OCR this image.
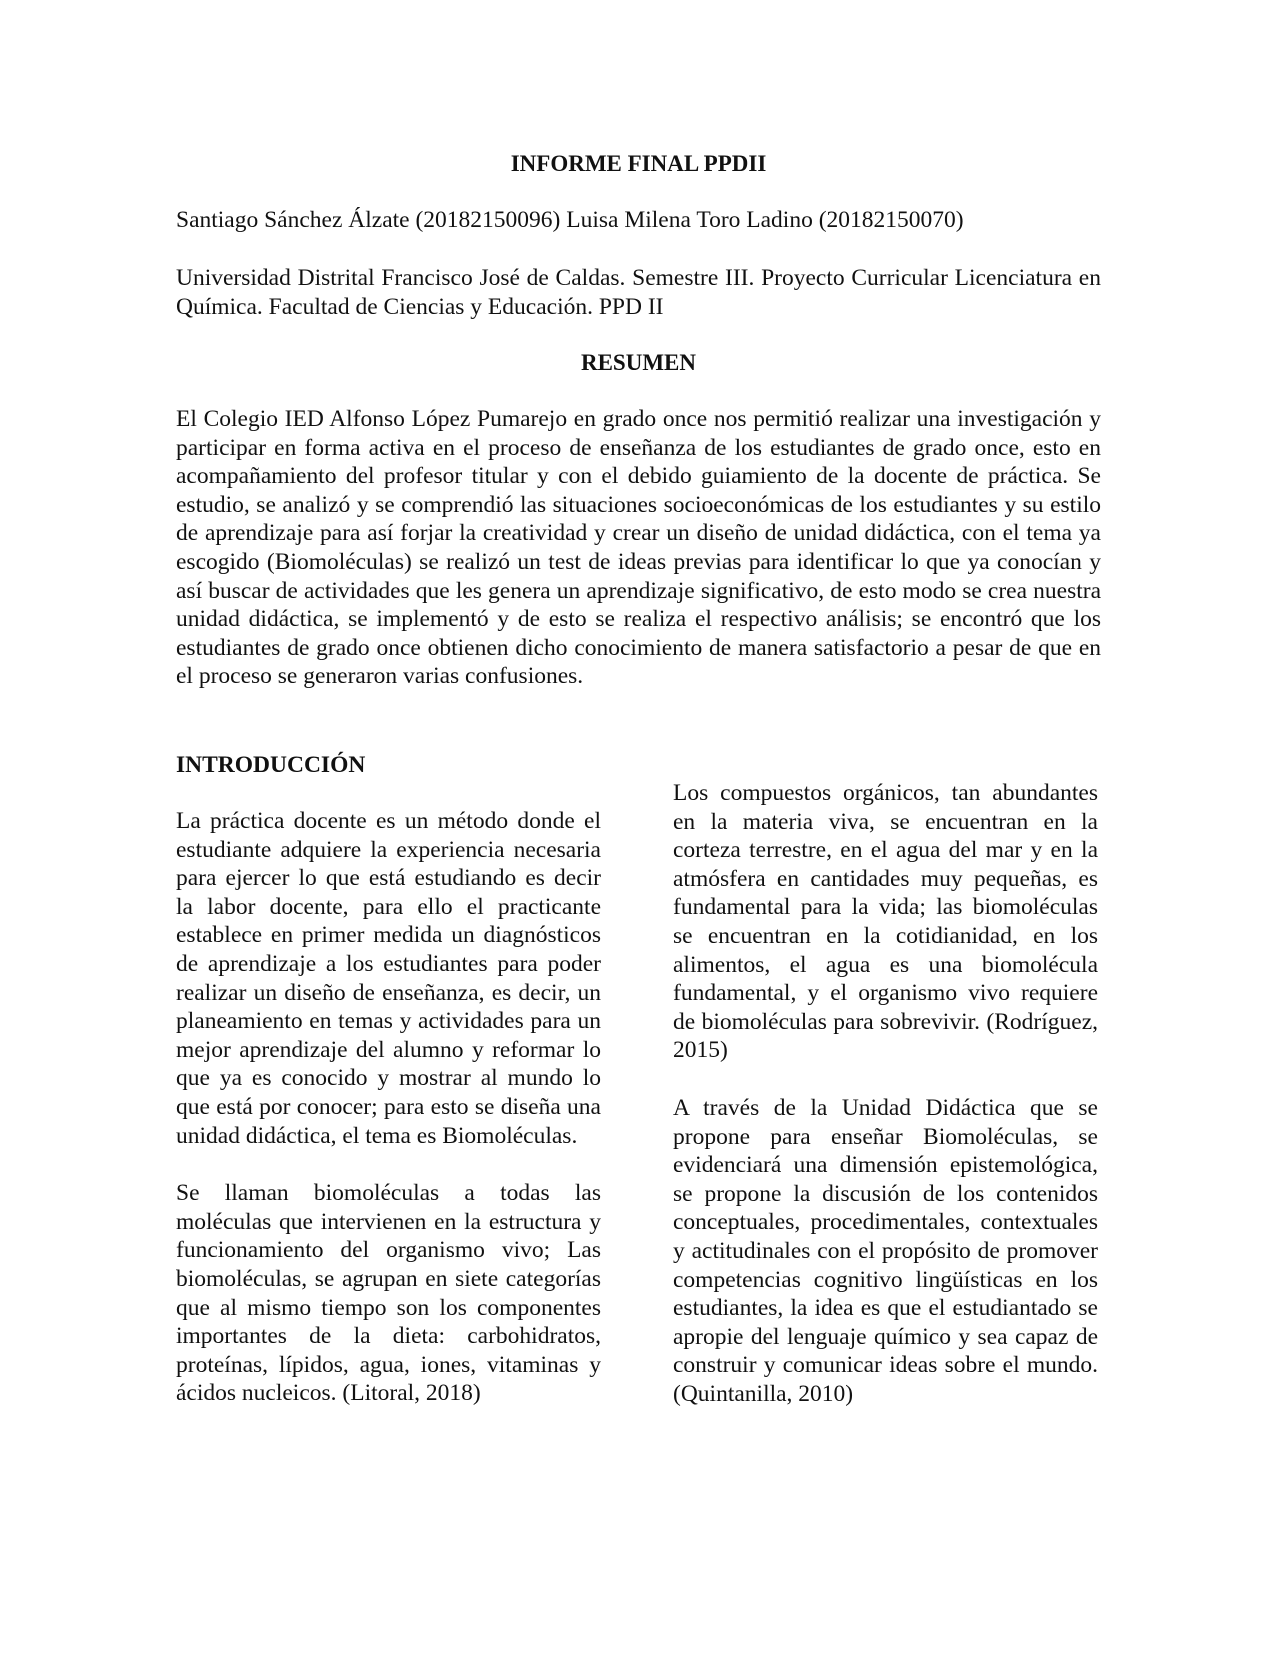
INFORME FINAL PPDII

Santiago Sánchez Álzate (20182150096) Luisa Milena Toro Ladino (20182150070)

Universidad Distrital Francisco José de Caldas. Semestre III. Proyecto Curricular Licenciatura en Química. Facultad de Ciencias y Educación. PPD II

RESUMEN

El Colegio IED Alfonso López Pumarejo en grado once nos permitió realizar una investigación y participar en forma activa en el proceso de enseñanza de los estudiantes de grado once, esto en acompañamiento del profesor titular y con el debido guiamiento de la docente de práctica. Se estudio, se analizó y se comprendió las situaciones socioeconómicas de los estudiantes y su estilo de aprendizaje para así forjar la creatividad y crear un diseño de unidad didáctica, con el tema ya escogido (Biomoléculas) se realizó un test de ideas previas para identificar lo que ya conocían y así buscar de actividades que les genera un aprendizaje significativo, de esto modo se crea nuestra unidad didáctica, se implementó y de esto se realiza el respectivo análisis; se encontró que los estudiantes de grado once obtienen dicho conocimiento de manera satisfactorio a pesar de que en el proceso se generaron varias confusiones.

INTRODUCCIÓN

La práctica docente es un método donde el estudiante adquiere la experiencia necesaria para ejercer lo que está estudiando es decir la labor docente, para ello el practicante establece en primer medida un diagnósticos de aprendizaje a los estudiantes para poder realizar un diseño de enseñanza, es decir, un planeamiento en temas y actividades para un mejor aprendizaje del alumno y reformar lo que ya es conocido y mostrar al mundo lo que está por conocer; para esto se diseña una unidad didáctica, el tema es Biomoléculas.

Se llaman biomoléculas a todas las moléculas que intervienen en la estructura y funcionamiento del organismo vivo; Las biomoléculas, se agrupan en siete categorías que al mismo tiempo son los componentes importantes de la dieta: carbohidratos, proteínas, lípidos, agua, iones, vitaminas y ácidos nucleicos. (Litoral, 2018)

Los compuestos orgánicos, tan abundantes en la materia viva, se encuentran en la corteza terrestre, en el agua del mar y en la atmósfera en cantidades muy pequeñas, es fundamental para la vida; las biomoléculas se encuentran en la cotidianidad, en los alimentos, el agua es una biomolécula fundamental, y el organismo vivo requiere de biomoléculas para sobrevivir. (Rodríguez, 2015)

A través de la Unidad Didáctica que se propone para enseñar Biomoléculas, se evidenciará una dimensión epistemológica, se propone la discusión de los contenidos conceptuales, procedimentales, contextuales y actitudinales con el propósito de promover competencias cognitivo lingüísticas en los estudiantes, la idea es que el estudiantado se apropie del lenguaje químico y sea capaz de construir y comunicar ideas sobre el mundo. (Quintanilla, 2010)
